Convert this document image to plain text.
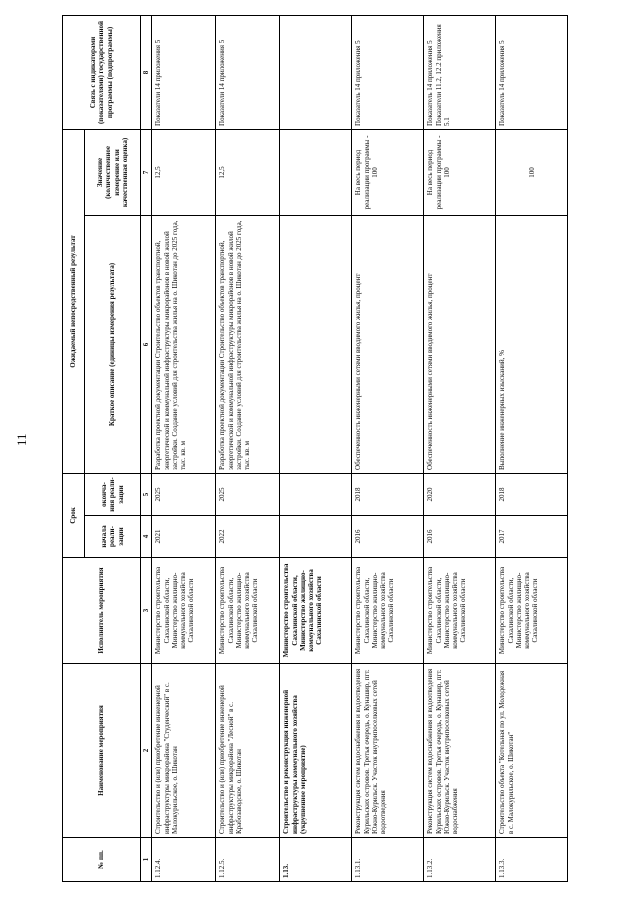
11
№ пп.	Наименование мероприятия	Исполнитель мероприятия	Срок		Ожидаемый непосредственный результат		Связь с индикаторами (показателями) государственной программы (подпрограммы)
			начала реали-зации	оконча-ния реали-зации	Краткое описание (единицы измерения результата)	Значение (количественное измерение или качественная оценка)	

1	2	3	4	5	6	7	8
1.12.4.	Строительство и (или) приобретение инженерной инфраструктуры микрорайона "Студенческий" в с. Малокурильское, о. Шикотан	Министерство строительства Сахалинской области, Министерство жилищно-коммунального хозяйства Сахалинской области	2021	2025	Разработка проектной документации Строительство объектов транспортной, энергетической и коммунальной инфраструктуры микрорайонов в новой жилой застройки. Создание условий для строительства жилья на о. Шикотан до 2025 года, тыс. кв. м	12,5	Показатели 14 приложения 5
1.12.5.	Строительство и (или) приобретение инженерной инфраструктуры микрорайона "Лесной" в с. Крабозаводское, о. Шикотан	Министерство строительства Сахалинской области, Министерство жилищно-коммунального хозяйства Сахалинской области	2022	2025	Разработка проектной документации Строительство объектов транспортной, энергетической и коммунальной инфраструктуры микрорайонов в новой жилой застройки. Создание условий для строительства жилья на о. Шикотан до 2025 года, тыс. кв. м	12,5	Показатели 14 приложения 5
1.13.	Строительство и реконструкция инженерной инфраструктуры коммунального хозяйства (укрупненное мероприятие)	Министерство строительства Сахалинской области, Министерство жилищно-коммунального хозяйства Сахалинской области					
1.13.1.	Реконструкция систем водоснабжения и водоотведения Курильских островов. Третья очередь, о. Кунашир, пгт. Южно-Курильск. Участок внутрипоселковых сетей водоотведения	Министерство строительства Сахалинской области, Министерство жилищно-коммунального хозяйства Сахалинской области	2016	2018	Обеспеченность инженерными сетями вводимого жилья, процент	На весь период реализации программы - 100	Показатель 14 приложения 5
1.13.2.	Реконструкция систем водоснабжения и водоотведения Курильских островов. Третья очередь, о. Кунашир, пгт. Южно-Курильск. Участок внутрипоселковых сетей водоснабжения	Министерство строительства Сахалинской области, Министерство жилищно-коммунального хозяйства Сахалинской области	2016	2020	Обеспеченность инженерными сетями вводимого жилья, процент	На весь период реализации программы - 100	Показатель 14 приложения 5 Показатели 11.2, 12.2 приложения 5.1
1.13.3.	Строительство объекта "Котельная по ул. Молодежная в с. Малокурильское, о. Шикотан"	Министерство строительства Сахалинской области, Министерство жилищно-коммунального хозяйства Сахалинской области	2017	2018	Выполнение инженерных изысканий, %	100	Показатель 14 приложения 5
